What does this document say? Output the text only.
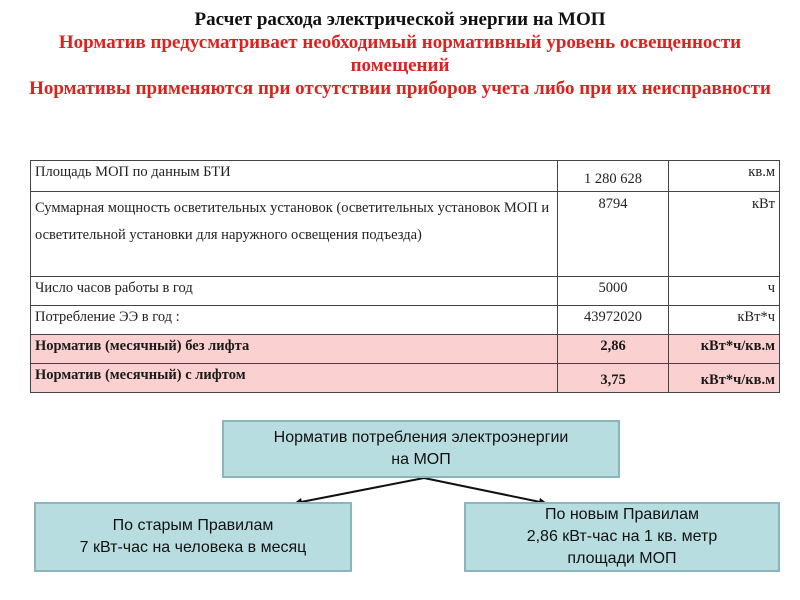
Расчет расхода электрической энергии на МОП
Норматив предусматривает необходимый нормативный уровень освещенности помещений
Нормативы применяются при отсутствии приборов учета либо при их неисправности
Площадь МОП по данным БТИ	1 280 628	кв.м
Суммарная мощность осветительных установок (осветительных установок МОП и осветительной установки для наружного освещения подъезда)	8794	кВт
Число часов работы в год	5000	ч
Потребление ЭЭ в год :	43972020	кВт*ч
Норматив (месячный) без лифта	2,86	кВт*ч/кв.м
Норматив (месячный) с лифтом	3,75	кВт*ч/кв.м
Норматив потребления электроэнергии
на МОП
По старым Правилам
7 кВт-час на человека в месяц
По новым Правилам
2,86 кВт-час на 1 кв. метр
площади МОП
